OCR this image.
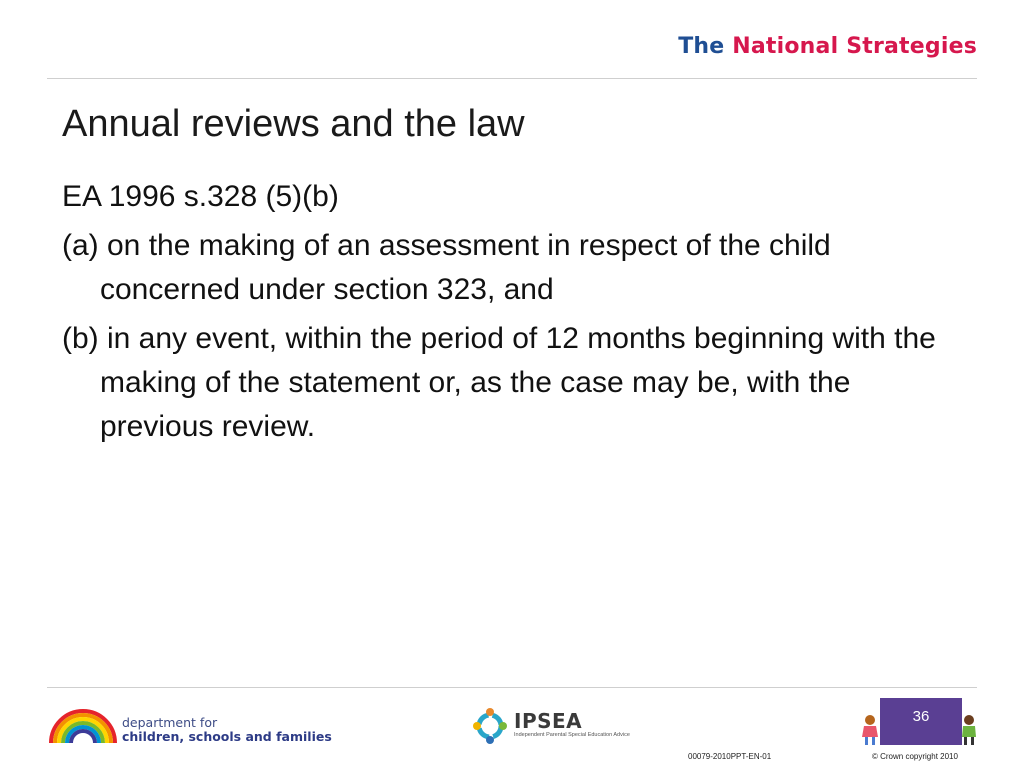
The National Strategies
Annual reviews and the law

EA 1996 s.328 (5)(b)

(a) on the making of an assessment in respect of the child concerned under section 323, and

(b) in any event, within the period of 12 months beginning with the making of the statement or, as the case may be, with the previous review.

department for
children, schools and families
IPSEA
Independent Parental Special Education Advice
36
00079-2010PPT-EN-01	© Crown copyright 2010
